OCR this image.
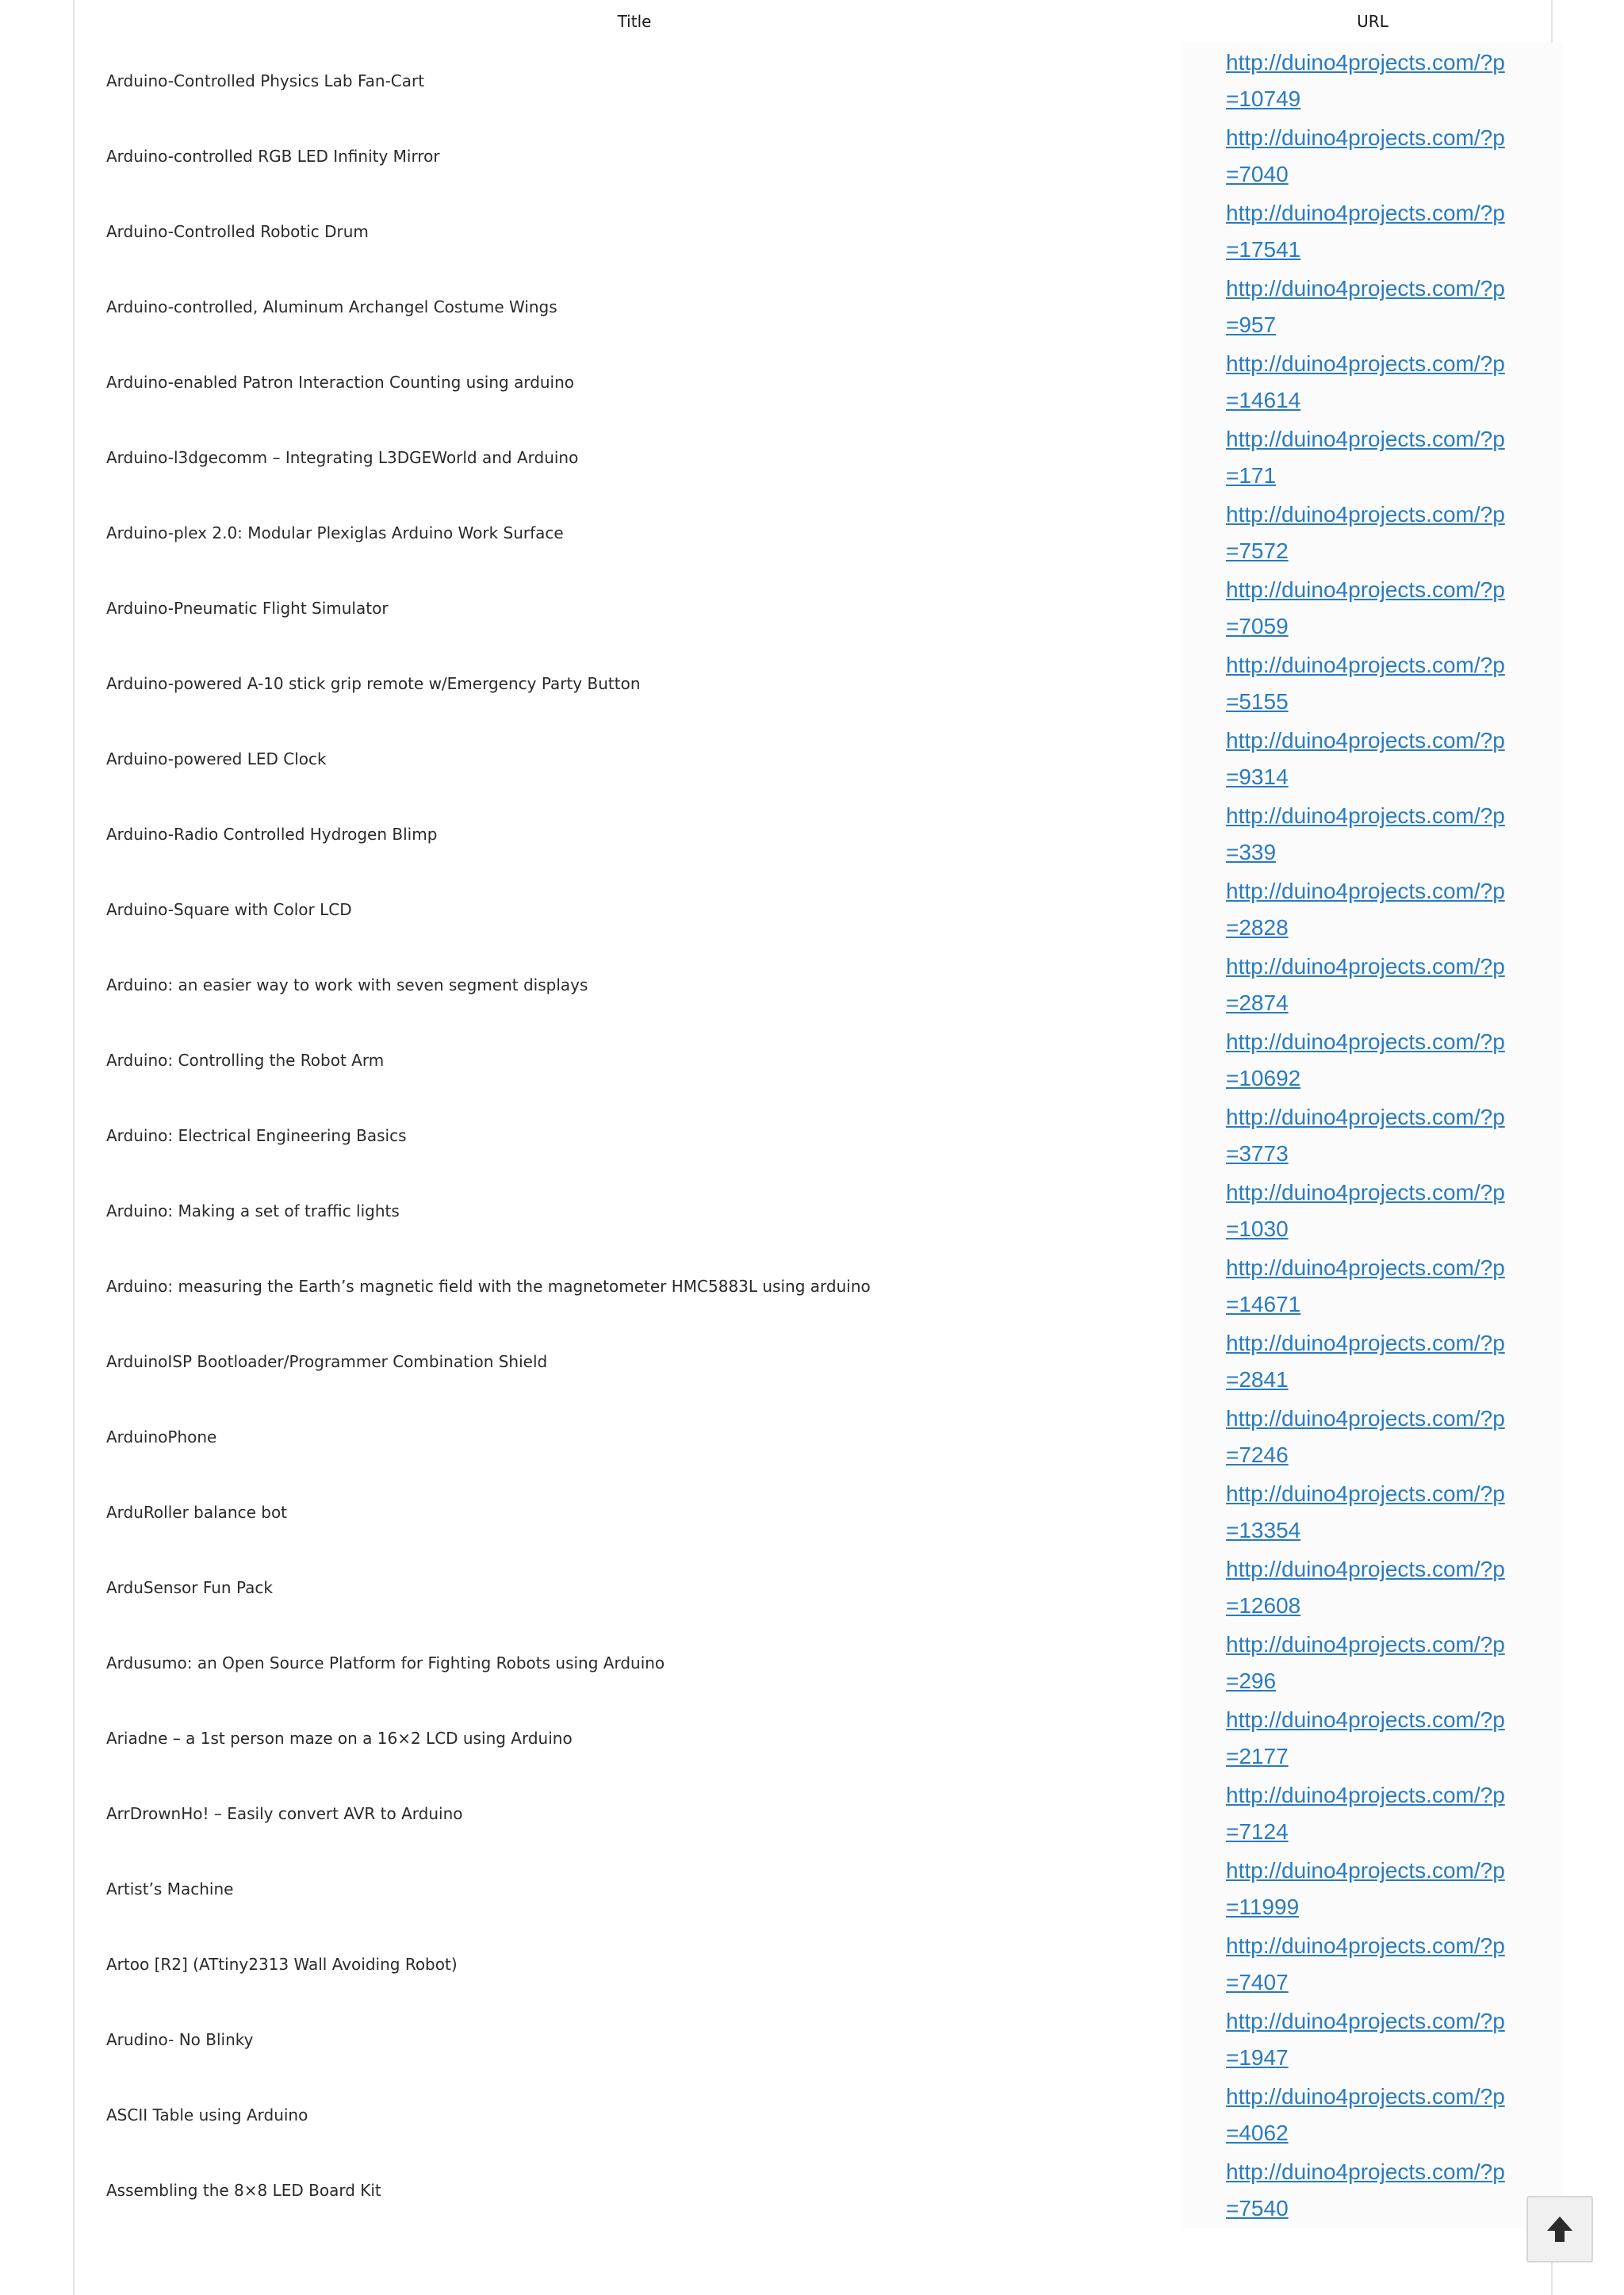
Title	URL
Arduino-Controlled Physics Lab Fan-Cart	http://duino4projects.com/?p=10749

Arduino-controlled RGB LED Infinity Mirror	http://duino4projects.com/?p=7040

Arduino-Controlled Robotic Drum	http://duino4projects.com/?p=17541

Arduino-controlled, Aluminum Archangel Costume Wings	http://duino4projects.com/?p=957

Arduino-enabled Patron Interaction Counting using arduino	http://duino4projects.com/?p=14614

Arduino-l3dgecomm – Integrating L3DGEWorld and Arduino	http://duino4projects.com/?p=171

Arduino-plex 2.0: Modular Plexiglas Arduino Work Surface	http://duino4projects.com/?p=7572

Arduino-Pneumatic Flight Simulator	http://duino4projects.com/?p=7059

Arduino-powered A-10 stick grip remote w/Emergency Party Button	http://duino4projects.com/?p=5155

Arduino-powered LED Clock	http://duino4projects.com/?p=9314

Arduino-Radio Controlled Hydrogen Blimp	http://duino4projects.com/?p=339

Arduino-Square with Color LCD	http://duino4projects.com/?p=2828

Arduino: an easier way to work with seven segment displays	http://duino4projects.com/?p=2874

Arduino: Controlling the Robot Arm	http://duino4projects.com/?p=10692

Arduino: Electrical Engineering Basics	http://duino4projects.com/?p=3773

Arduino: Making a set of traffic lights	http://duino4projects.com/?p=1030

Arduino: measuring the Earth’s magnetic field with the magnetometer HMC5883L using arduino	http://duino4projects.com/?p=14671

ArduinoISP Bootloader/Programmer Combination Shield	http://duino4projects.com/?p=2841

ArduinoPhone	http://duino4projects.com/?p=7246

ArduRoller balance bot	http://duino4projects.com/?p=13354

ArduSensor Fun Pack	http://duino4projects.com/?p=12608

Ardusumo: an Open Source Platform for Fighting Robots using Arduino	http://duino4projects.com/?p=296

Ariadne – a 1st person maze on a 16×2 LCD using Arduino	http://duino4projects.com/?p=2177

ArrDrownHo! – Easily convert AVR to Arduino	http://duino4projects.com/?p=7124

Artist’s Machine	http://duino4projects.com/?p=11999

Artoo [R2] (ATtiny2313 Wall Avoiding Robot)	http://duino4projects.com/?p=7407

Arudino- No Blinky	http://duino4projects.com/?p=1947

ASCII Table using Arduino	http://duino4projects.com/?p=4062

Assembling the 8×8 LED Board Kit	http://duino4projects.com/?p=7540
